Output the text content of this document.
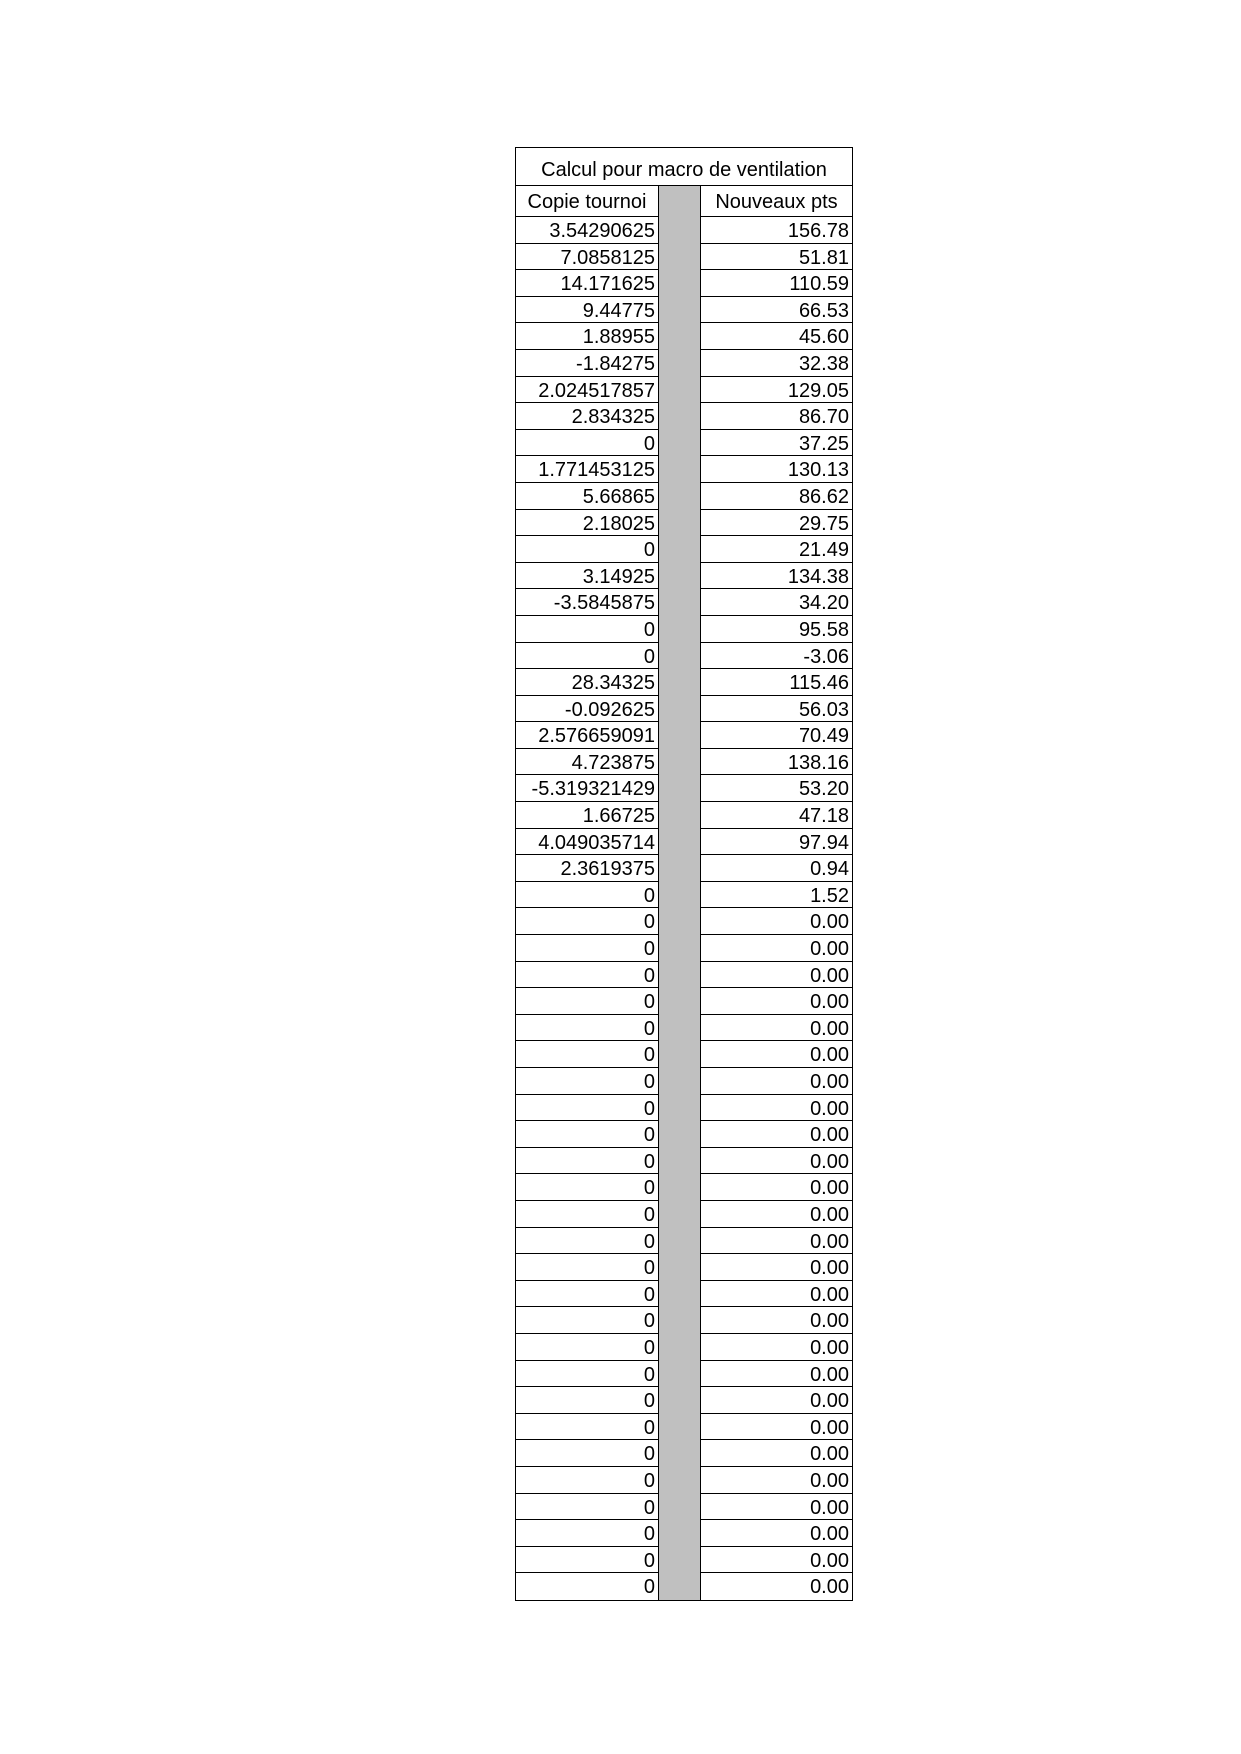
Calcul pour macro de ventilation
Copie tournoi	Nouveaux pts
3.54290625	156.78
7.0858125	51.81
14.171625	110.59
9.44775	66.53
1.88955	45.60
-1.84275	32.38
2.024517857	129.05
2.834325	86.70
0	37.25
1.771453125	130.13
5.66865	86.62
2.18025	29.75
0	21.49
3.14925	134.38
-3.5845875	34.20
0	95.58
0	-3.06
28.34325	115.46
-0.092625	56.03
2.576659091	70.49
4.723875	138.16
-5.319321429	53.20
1.66725	47.18
4.049035714	97.94
2.3619375	0.94
0	1.52
0	0.00
0	0.00
0	0.00
0	0.00
0	0.00
0	0.00
0	0.00
0	0.00
0	0.00
0	0.00
0	0.00
0	0.00
0	0.00
0	0.00
0	0.00
0	0.00
0	0.00
0	0.00
0	0.00
0	0.00
0	0.00
0	0.00
0	0.00
0	0.00
0	0.00
0	0.00
